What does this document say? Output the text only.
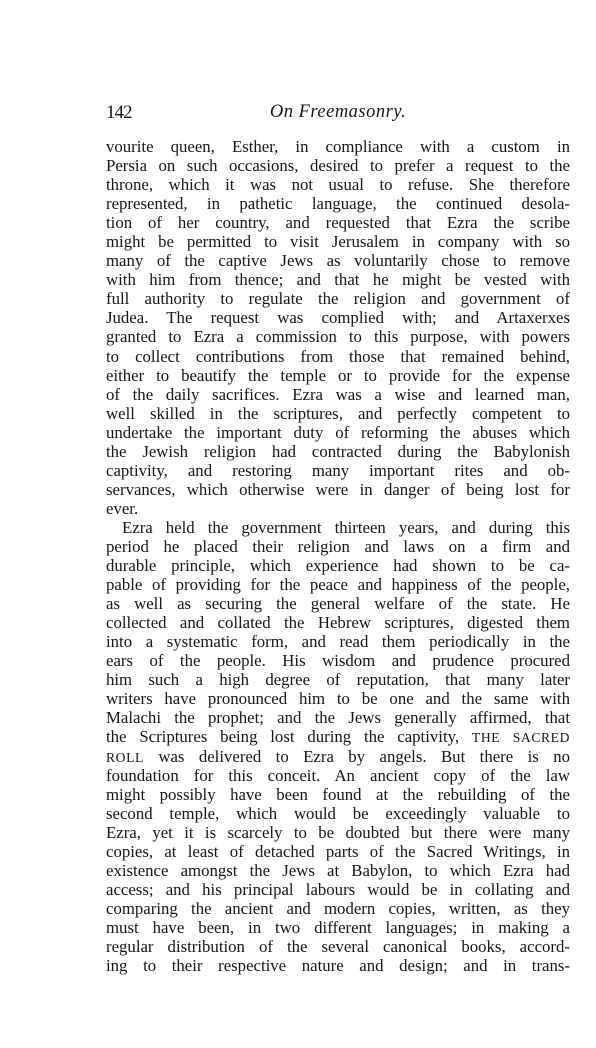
142	On Freemasonry.
vourite queen, Esther, in compliance with a custom in
Persia on such occasions, desired to prefer a request to the
throne, which it was not usual to refuse. She therefore
represented, in pathetic language, the continued desola-
tion of her country, and requested that Ezra the scribe
might be permitted to visit Jerusalem in company with so
many of the captive Jews as voluntarily chose to remove
with him from thence; and that he might be vested with
full authority to regulate the religion and government of
Judea. The request was complied with; and Artaxerxes
granted to Ezra a commission to this purpose, with powers
to collect contributions from those that remained behind,
either to beautify the temple or to provide for the expense
of the daily sacrifices. Ezra was a wise and learned man,
well skilled in the scriptures, and perfectly competent to
undertake the important duty of reforming the abuses which
the Jewish religion had contracted during the Babylonish
captivity, and restoring many important rites and ob-
servances, which otherwise were in danger of being lost for
ever.
Ezra held the government thirteen years, and during this
period he placed their religion and laws on a firm and
durable principle, which experience had shown to be ca-
pable of providing for the peace and happiness of the people,
as well as securing the general welfare of the state. He
collected and collated the Hebrew scriptures, digested them
into a systematic form, and read them periodically in the
ears of the people. His wisdom and prudence procured
him such a high degree of reputation, that many later
writers have pronounced him to be one and the same with
Malachi the prophet; and the Jews generally affirmed, that
the Scriptures being lost during the captivity, THE SACRED
ROLL was delivered to Ezra by angels. But there is no
foundation for this conceit. An ancient copy of the law
might possibly have been found at the rebuilding of the
second temple, which would be exceedingly valuable to
Ezra, yet it is scarcely to be doubted but there were many
copies, at least of detached parts of the Sacred Writings, in
existence amongst the Jews at Babylon, to which Ezra had
access; and his principal labours would be in collating and
comparing the ancient and modern copies, written, as they
must have been, in two different languages; in making a
regular distribution of the several canonical books, accord-
ing to their respective nature and design; and in trans-
